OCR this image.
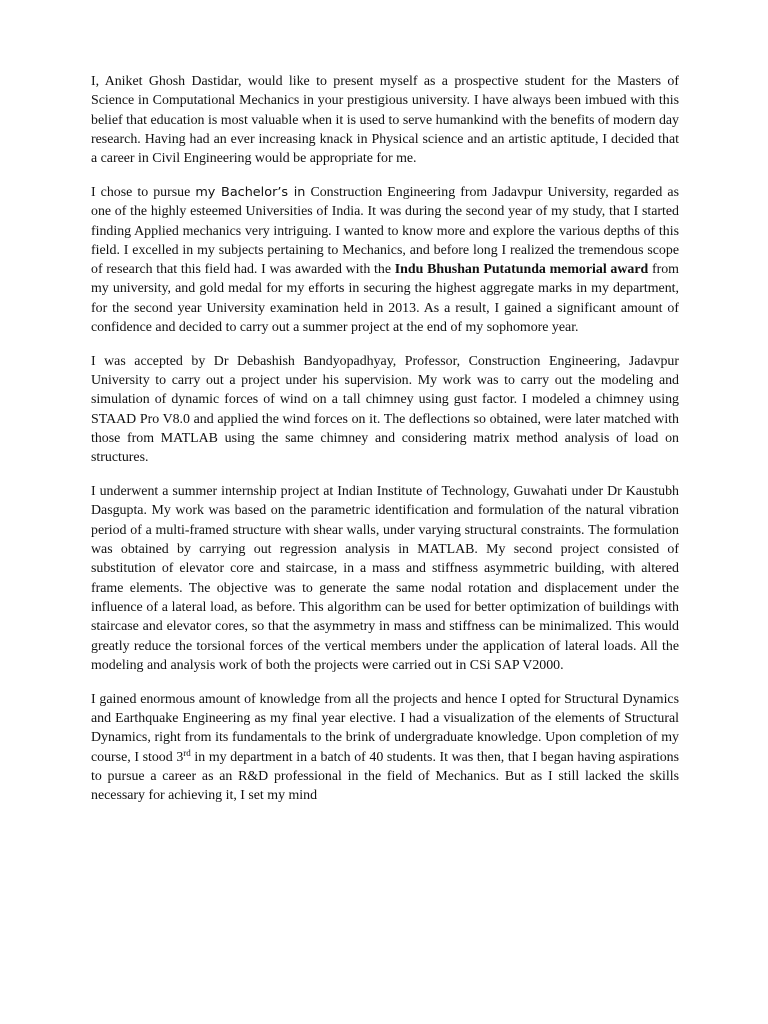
I, Aniket Ghosh Dastidar, would like to present myself as a prospective student for the Masters of Science in Computational Mechanics in your prestigious university. I have always been imbued with this belief that education is most valuable when it is used to serve humankind with the benefits of modern day research. Having had an ever increasing knack in Physical science and an artistic aptitude, I decided that a career in Civil Engineering would be appropriate for me.

I chose to pursue my Bachelor’s in Construction Engineering from Jadavpur University, regarded as one of the highly esteemed Universities of India. It was during the second year of my study, that I started finding Applied mechanics very intriguing. I wanted to know more and explore the various depths of this field. I excelled in my subjects pertaining to Mechanics, and before long I realized the tremendous scope of research that this field had. I was awarded with the Indu Bhushan Putatunda memorial award from my university, and gold medal for my efforts in securing the highest aggregate marks in my department, for the second year University examination held in 2013. As a result, I gained a significant amount of confidence and decided to carry out a summer project at the end of my sophomore year.

I was accepted by Dr Debashish Bandyopadhyay, Professor, Construction Engineering, Jadavpur University to carry out a project under his supervision. My work was to carry out the modeling and simulation of dynamic forces of wind on a tall chimney using gust factor. I modeled a chimney using STAAD Pro V8.0 and applied the wind forces on it. The deflections so obtained, were later matched with those from MATLAB using the same chimney and considering matrix method analysis of load on structures.

I underwent a summer internship project at Indian Institute of Technology, Guwahati under Dr Kaustubh Dasgupta. My work was based on the parametric identification and formulation of the natural vibration period of a multi-framed structure with shear walls, under varying structural constraints. The formulation was obtained by carrying out regression analysis in MATLAB. My second project consisted of substitution of elevator core and staircase, in a mass and stiffness asymmetric building, with altered frame elements. The objective was to generate the same nodal rotation and displacement under the influence of a lateral load, as before. This algorithm can be used for better optimization of buildings with staircase and elevator cores, so that the asymmetry in mass and stiffness can be minimalized. This would greatly reduce the torsional forces of the vertical members under the application of lateral loads. All the modeling and analysis work of both the projects were carried out in CSi SAP V2000.

I gained enormous amount of knowledge from all the projects and hence I opted for Structural Dynamics and Earthquake Engineering as my final year elective. I had a visualization of the elements of Structural Dynamics, right from its fundamentals to the brink of undergraduate knowledge. Upon completion of my course, I stood 3rd in my department in a batch of 40 students. It was then, that I began having aspirations to pursue a career as an R&D professional in the field of Mechanics. But as I still lacked the skills necessary for achieving it, I set my mind
